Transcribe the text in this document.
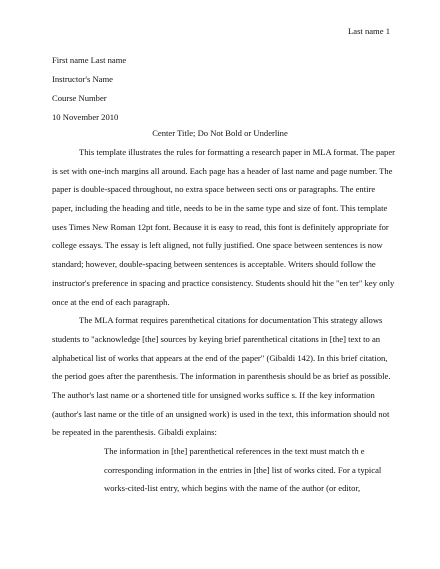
Last name 1
First name Last name
Instructor's Name
Course Number
10 November 2010
Center Title; Do Not Bold or Underline
This template illustrates the rules for formatting a research paper in MLA format. The paper
is set with one-inch margins all around. Each page has a header of last name and page number. The
paper is double-spaced throughout, no extra space between secti ons or paragraphs. The entire
paper, including the heading and title, needs to be in the same type and size of font. This template
uses Times New Roman 12pt font. Because it is easy to read, this font is definitely appropriate for
college essays. The essay is left aligned, not fully justified. One space between sentences is now
standard; however, double-spacing between sentences is acceptable. Writers should follow the
instructor's preference in spacing and practice consistency. Students should hit the "en ter" key only
once at the end of each paragraph.
The MLA format requires parenthetical citations for documentation This strategy allows
students to "acknowledge [the] sources by keying brief parenthetical citations in [the] text to an
alphabetical list of works that appears at the end of the paper" (Gibaldi 142). In this brief citation,
the period goes after the parenthesis. The information in parenthesis should be as brief as possible.
The author's last name or a shortened title for unsigned works suffice s. If the key information
(author's last name or the title of an unsigned work) is used in the text, this information should not
be repeated in the parenthesis. Gibaldi explains:
The information in [the] parenthetical references in the text must match th e
corresponding information in the entries in [the] list of works cited. For a typical
works-cited-list entry, which begins with the name of the author (or editor,
